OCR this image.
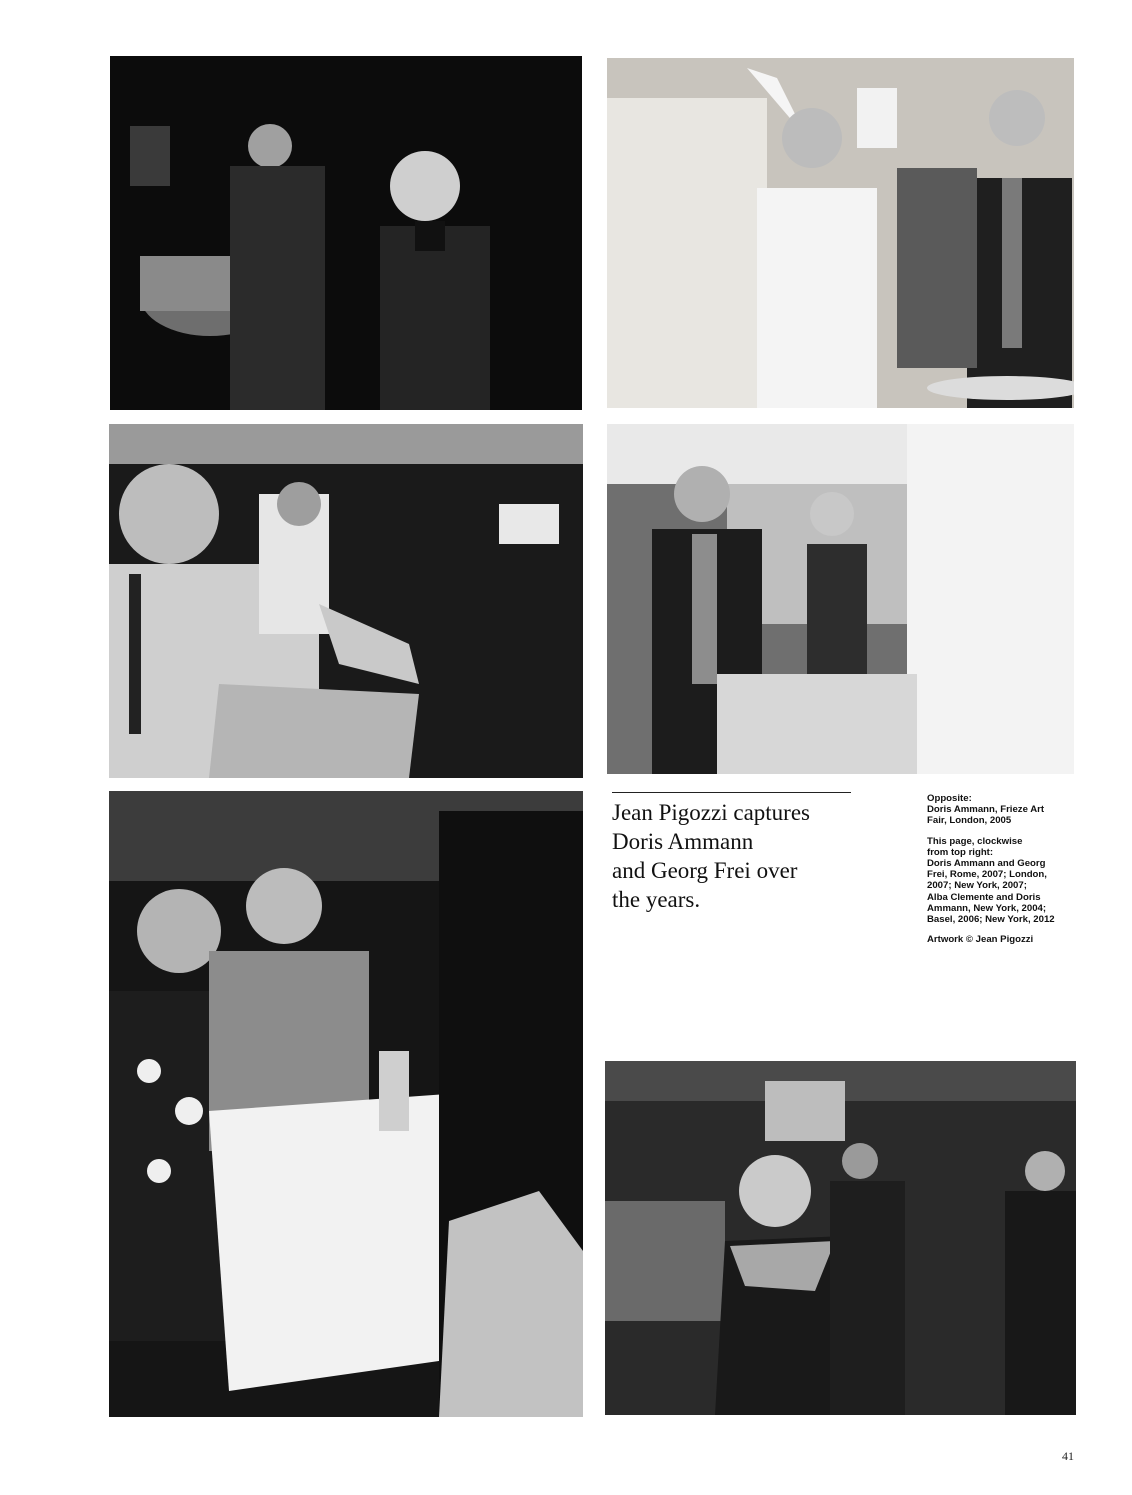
Jean Pigozzi captures
Doris Ammann
and Georg Frei over
the years.
Opposite:
Doris Ammann, Frieze Art
Fair, London, 2005
This page, clockwise
from top right:
Doris Ammann and Georg
Frei, Rome, 2007; London,
2007; New York, 2007;
Alba Clemente and Doris
Ammann, New York, 2004;
Basel, 2006; New York, 2012
Artwork © Jean Pigozzi
41
